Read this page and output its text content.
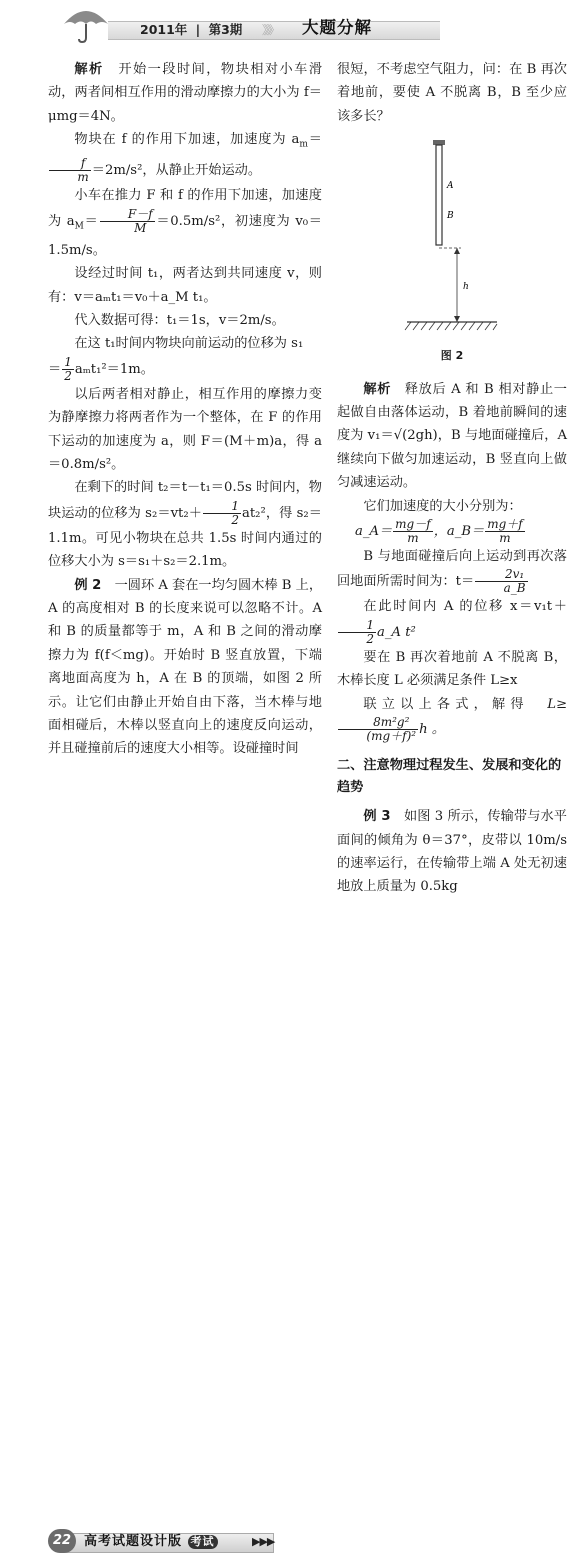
2011年 | 第3期 》》》 大题分解

解析　 开始一段时间，物块相对小车滑动，两者间相互作用的滑动摩擦力的大小为 f＝μmg＝4N。

物块在 f 的作用下加速，加速度为 $a_m=$
$\frac{f}{m} =2m/s^2$，从静止开始运动。

小车在推力 F 和 f 的作用下加速，加速度为 $a_M= \frac{F-f}{M} =0.5m/s^2$，初速度为 v₀＝1.5m/s。

设经过时间 t₁，两者达到共同速度 v，则有：v＝aₘt₁＝v₀＋a_M t₁。

代入数据可得：t₁＝1s，v＝2m/s。

在这 t₁时间内物块向前运动的位移为 s₁

＝ $\frac{1}{2} a_mt_1^2=1m$。

以后两者相对静止，相互作用的摩擦力变为静摩擦力将两者作为一个整体，在 F 的作用下运动的加速度为 a，则 F＝(M＋m)a，得 a＝0.8m/s²。

在剩下的时间 t₂＝t－t₁＝0.5s 时间内，物块运动的位移为 $s_2=vt_2+ \frac{1}{2} at_2^2$，得 s₂＝1.1m。可见小物块在总共 1.5s 时间内通过的位移大小为 s＝s₁＋s₂＝2.1m。

例 2　 一圆环 A 套在一均匀圆木棒 B 上，A 的高度相对 B 的长度来说可以忽略不计。A 和 B 的质量都等于 m，A 和 B 之间的滑动摩擦力为 f(f＜mg)。开始时 B 竖直放置，下端离地面高度为 h，A 在 B 的顶端，如图 2 所示。让它们由静止开始自由下落，当木棒与地面相碰后，木棒以竖直向上的速度反向运动，并且碰撞前后的速度大小相等。设碰撞时间

很短，不考虑空气阻力，问：在 B 再次着地前，要使 A 不脱离 B，B 至少应该多长？

A
B
h
图 2

解析　 释放后 A 和 B 相对静止一起做自由落体运动，B 着地前瞬间的速度为 v₁＝√(2gh)，B 与地面碰撞后，A 继续向下做匀加速运动，B 竖直向上做匀减速运动。

它们加速度的大小分别为：

a_A＝ $\frac{mg-f}{m}$ ，a_B＝ $\frac{mg+f}{m}$

B 与地面碰撞后向上运动到再次落回地面所需时间为：$t= \frac{\text{2v₁}}{a\_B}$

在此时间内 A 的位移 x＝v₁t＋
$\frac{1}{2}$ a_A t²

要在 B 再次着地前 A 不脱离 B，木棒长度 L 必须满足条件 L≥x

联立以上各式，解得　 L≥
$\frac{\text{8m²g²}}{\text{(mg＋f)²}}$ h 。

二、注意物理过程发生、发展和变化的趋势

例 3　 如图 3 所示，传输带与水平面间的倾角为 θ＝37°，皮带以 10m/s 的速率运行，在传输带上端 A 处无初速地放上质量为 0.5kg

22 高考试题设计版 考试	▶▶▶
